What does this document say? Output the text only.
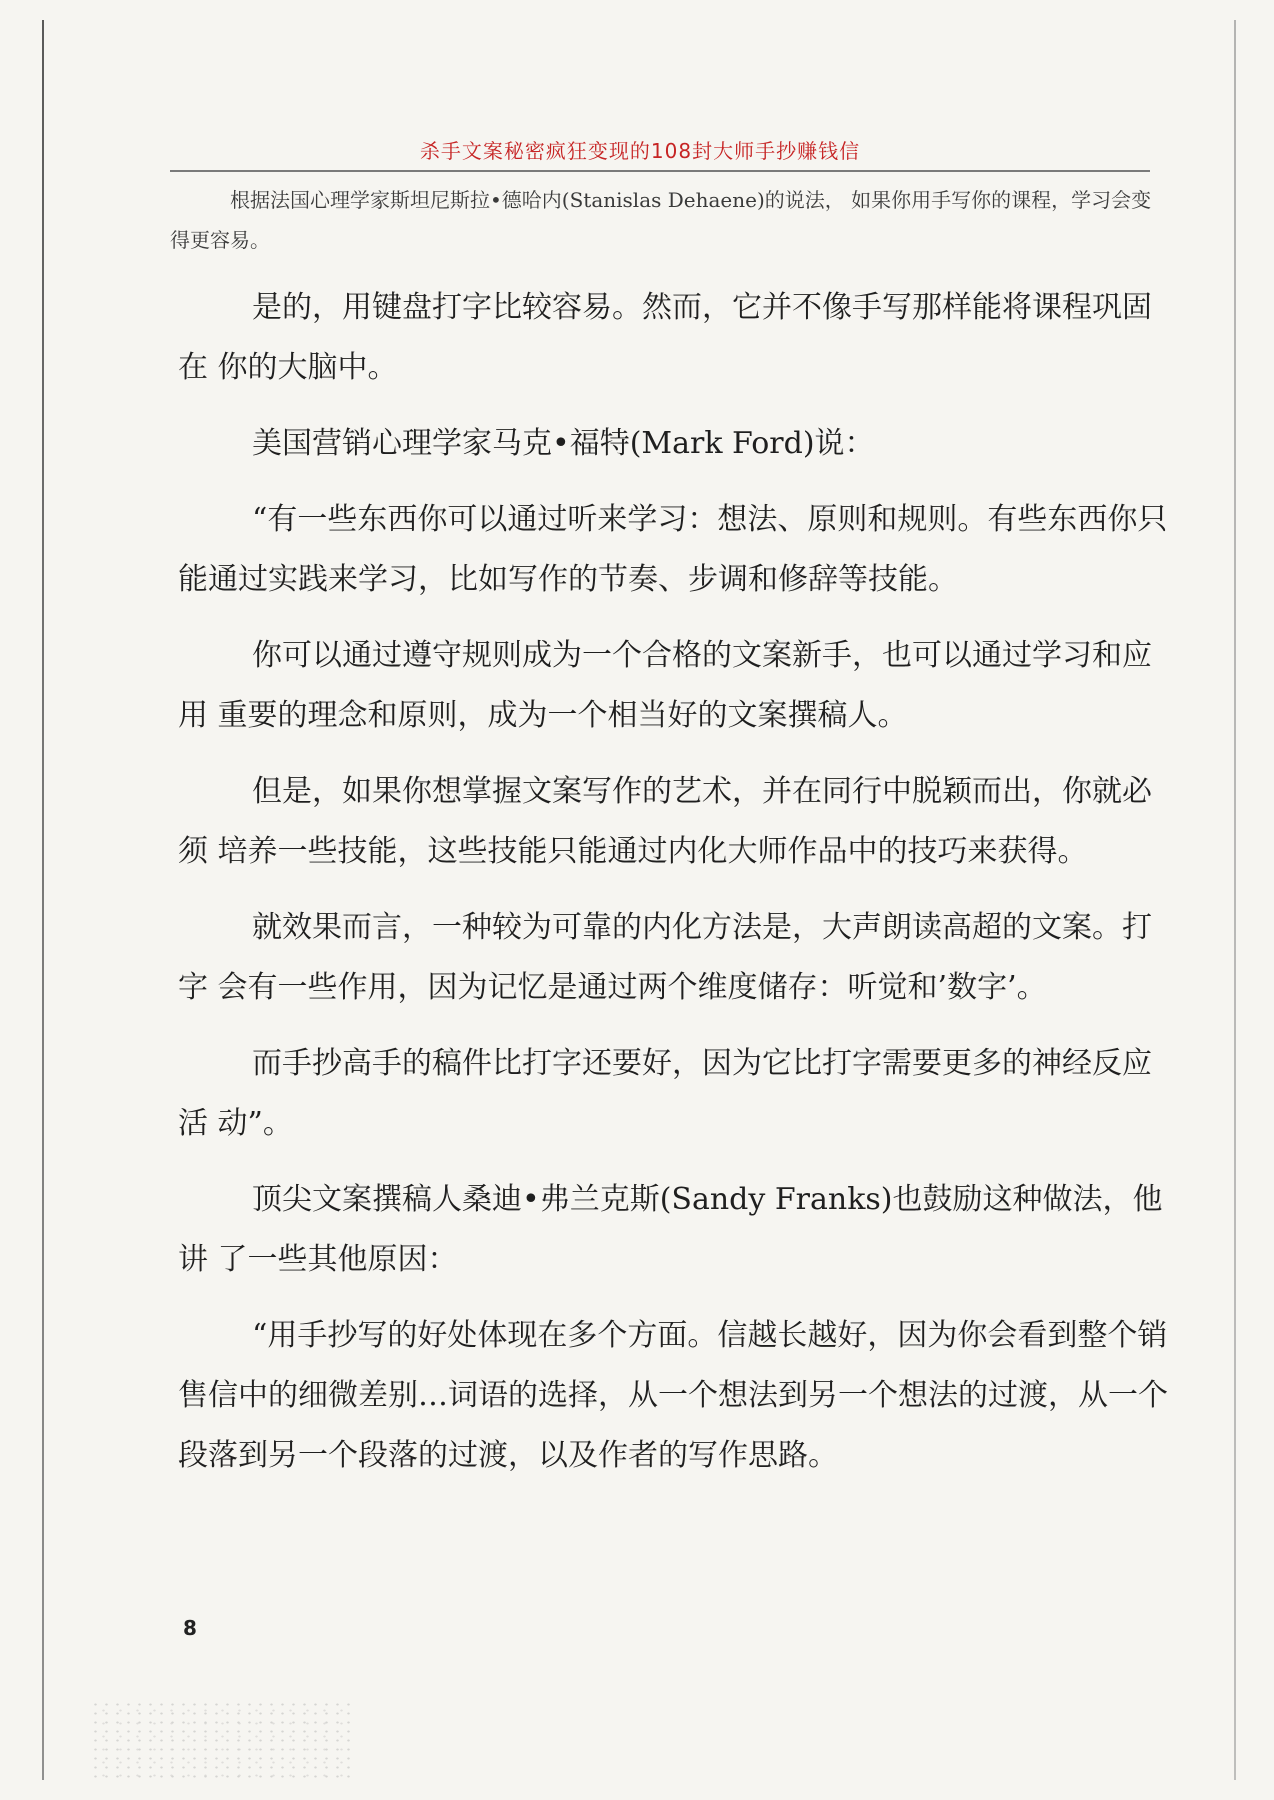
杀手文案秘密疯狂变现的108封大师手抄赚钱信

根据法国心理学家斯坦尼斯拉•德哈内(Stanislas Dehaene)的说法， 如果你用手写你的课程，学习会变得更容易。

是的，用键盘打字比较容易。然而，它并不像手写那样能将课程巩固在 你的大脑中。

美国营销心理学家马克•福特(Mark Ford)说：

“有一些东西你可以通过听来学习：想法、原则和规则。有些东西你只 能通过实践来学习，比如写作的节奏、步调和修辞等技能。

你可以通过遵守规则成为一个合格的文案新手，也可以通过学习和应用 重要的理念和原则，成为一个相当好的文案撰稿人。

但是，如果你想掌握文案写作的艺术，并在同行中脱颖而出，你就必须 培养一些技能，这些技能只能通过内化大师作品中的技巧来获得。

就效果而言，一种较为可靠的内化方法是，大声朗读高超的文案。打字 会有一些作用，因为记忆是通过两个维度储存：听觉和’数字’。

而手抄高手的稿件比打字还要好，因为它比打字需要更多的神经反应活 动”。

顶尖文案撰稿人桑迪•弗兰克斯(Sandy Franks)也鼓励这种做法，他讲 了一些其他原因：

“用手抄写的好处体现在多个方面。信越长越好，因为你会看到整个销 售信中的细微差别…词语的选择，从一个想法到另一个想法的过渡，从一个 段落到另一个段落的过渡，以及作者的写作思路。

8
